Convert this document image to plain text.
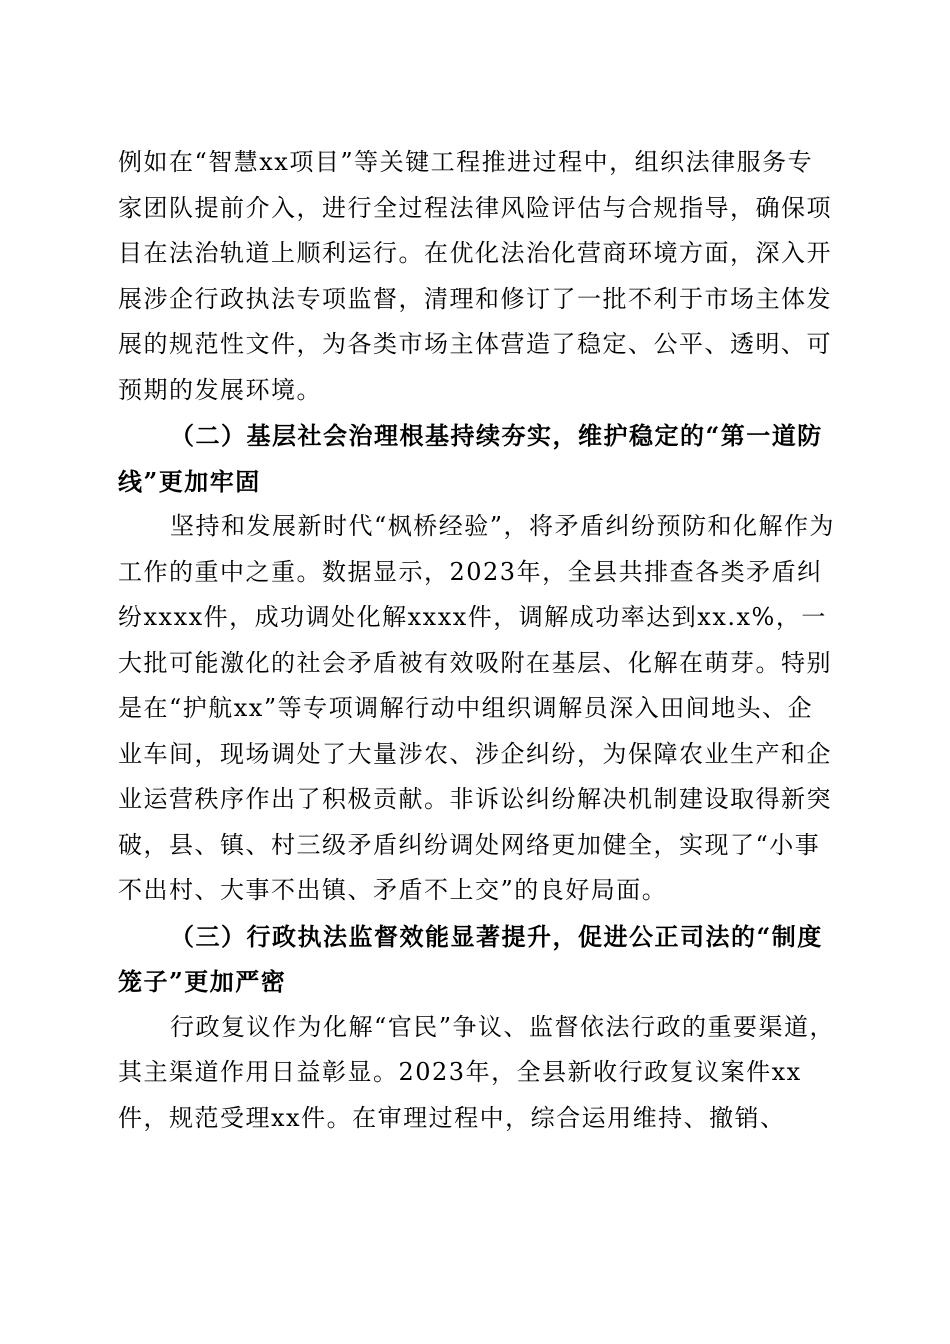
例如在“智慧xx项目”等关键工程推进过程中，组织法律服务专家团队提前介入，进行全过程法律风险评估与合规指导，确保项目在法治轨道上顺利运行。在优化法治化营商环境方面，深入开展涉企行政执法专项监督，清理和修订了一批不利于市场主体发展的规范性文件，为各类市场主体营造了稳定、公平、透明、可预期的发展环境。

（二）基层社会治理根基持续夯实，维护稳定的“第一道防线”更加牢固

坚持和发展新时代“枫桥经验”，将矛盾纠纷预防和化解作为工作的重中之重。数据显示，2023年，全县共排查各类矛盾纠纷xxxx件，成功调处化解xxxx件，调解成功率达到xx.x%，一大批可能激化的社会矛盾被有效吸附在基层、化解在萌芽。特别是在“护航xx”等专项调解行动中组织调解员深入田间地头、企业车间，现场调处了大量涉农、涉企纠纷，为保障农业生产和企业运营秩序作出了积极贡献。非诉讼纠纷解决机制建设取得新突破，县、镇、村三级矛盾纠纷调处网络更加健全，实现了“小事不出村、大事不出镇、矛盾不上交”的良好局面。

（三）行政执法监督效能显著提升，促进公正司法的“制度笼子”更加严密

行政复议作为化解“官民”争议、监督依法行政的重要渠道，其主渠道作用日益彰显。2023年，全县新收行政复议案件xx件，规范受理xx件。在审理过程中，综合运用维持、撤销、
